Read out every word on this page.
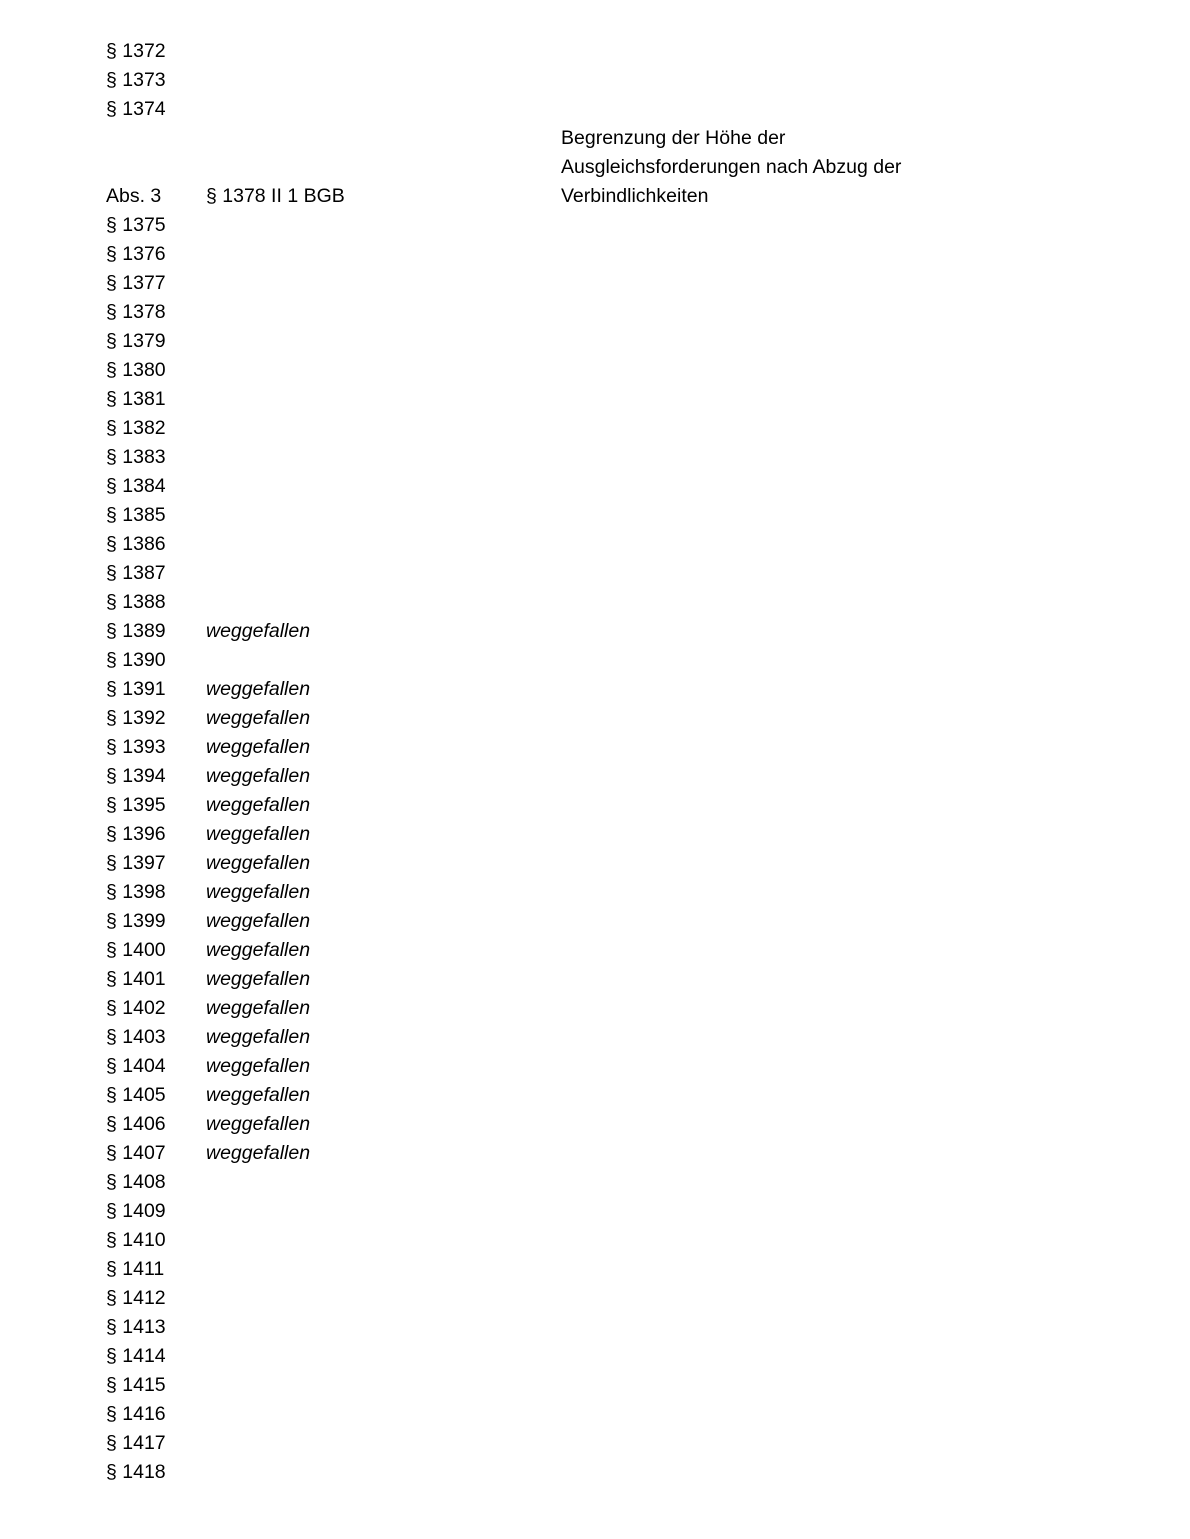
§ 1372
§ 1373
§ 1374
Abs. 3 § 1378 II 1 BGB
§ 1375
§ 1376
§ 1377
§ 1378
§ 1379
§ 1380
§ 1381
§ 1382
§ 1383
§ 1384
§ 1385
§ 1386
§ 1387
§ 1388
§ 1389 weggefallen
§ 1390
§ 1391 weggefallen
§ 1392 weggefallen
§ 1393 weggefallen
§ 1394 weggefallen
§ 1395 weggefallen
§ 1396 weggefallen
§ 1397 weggefallen
§ 1398 weggefallen
§ 1399 weggefallen
§ 1400 weggefallen
§ 1401 weggefallen
§ 1402 weggefallen
§ 1403 weggefallen
§ 1404 weggefallen
§ 1405 weggefallen
§ 1406 weggefallen
§ 1407 weggefallen
§ 1408
§ 1409
§ 1410
§ 1411
§ 1412
§ 1413
§ 1414
§ 1415
§ 1416
§ 1417
§ 1418
Begrenzung der Höhe der
Ausgleichsforderungen nach Abzug der
Verbindlichkeiten
